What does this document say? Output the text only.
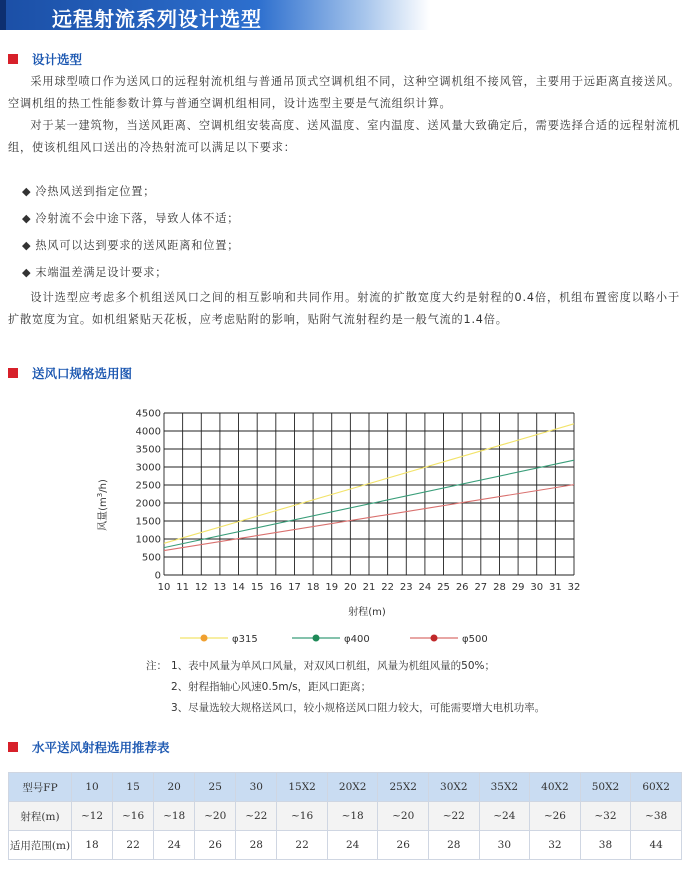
远程射流系列设计选型
设计选型

采用球型喷口作为送风口的远程射流机组与普通吊顶式空调机组不同，这种空调机组不接风管，主要用于远距离直接送风。空调机组的热工性能参数计算与普通空调机组相同，设计选型主要是气流组织计算。

对于某一建筑物，当送风距离、空调机组安装高度、送风温度、室内温度、送风量大致确定后，需要选择合适的远程射流机组，使该机组风口送出的冷热射流可以满足以下要求：

◆ 冷热风送到指定位置；
◆ 冷射流不会中途下落，导致人体不适；
◆ 热风可以达到要求的送风距离和位置；
◆ 末端温差满足设计要求；

设计选型应考虑多个机组送风口之间的相互影响和共同作用。射流的扩散宽度大约是射程的0.4倍，机组布置密度以略小于扩散宽度为宜。如机组紧贴天花板，应考虑贴附的影响，贴附气流射程约是一般气流的1.4倍。

送风口规格选用图
0
500
1000
1500
2000
2500
3000
3500
4000
4500
10 11 12 13 14 15 16 17 18 19 20 21 22 23 24 25 26 27 28 29 30 31 32
风量$(m^3/h)$
射程(m)
φ315	φ400	φ500
注： 1、表中风量为单风口风量，对双风口机组，风量为机组风量的50%；
2、射程指轴心风速0.5m/s，距风口距离；
3、尽量选较大规格送风口，较小规格送风口阻力较大，可能需要增大电机功率。
水平送风射程选用推荐表
型号FP	10	15	20	25	30	15X2	20X2	25X2	30X2	35X2	40X2	50X2	60X2
射程(m)	~12	~16	~18	~20	~22	~16	~18	~20	~22	~24	~26	~32	~38
适用范围(m)	18	22	24	26	28	22	24	26	28	30	32	38	44
